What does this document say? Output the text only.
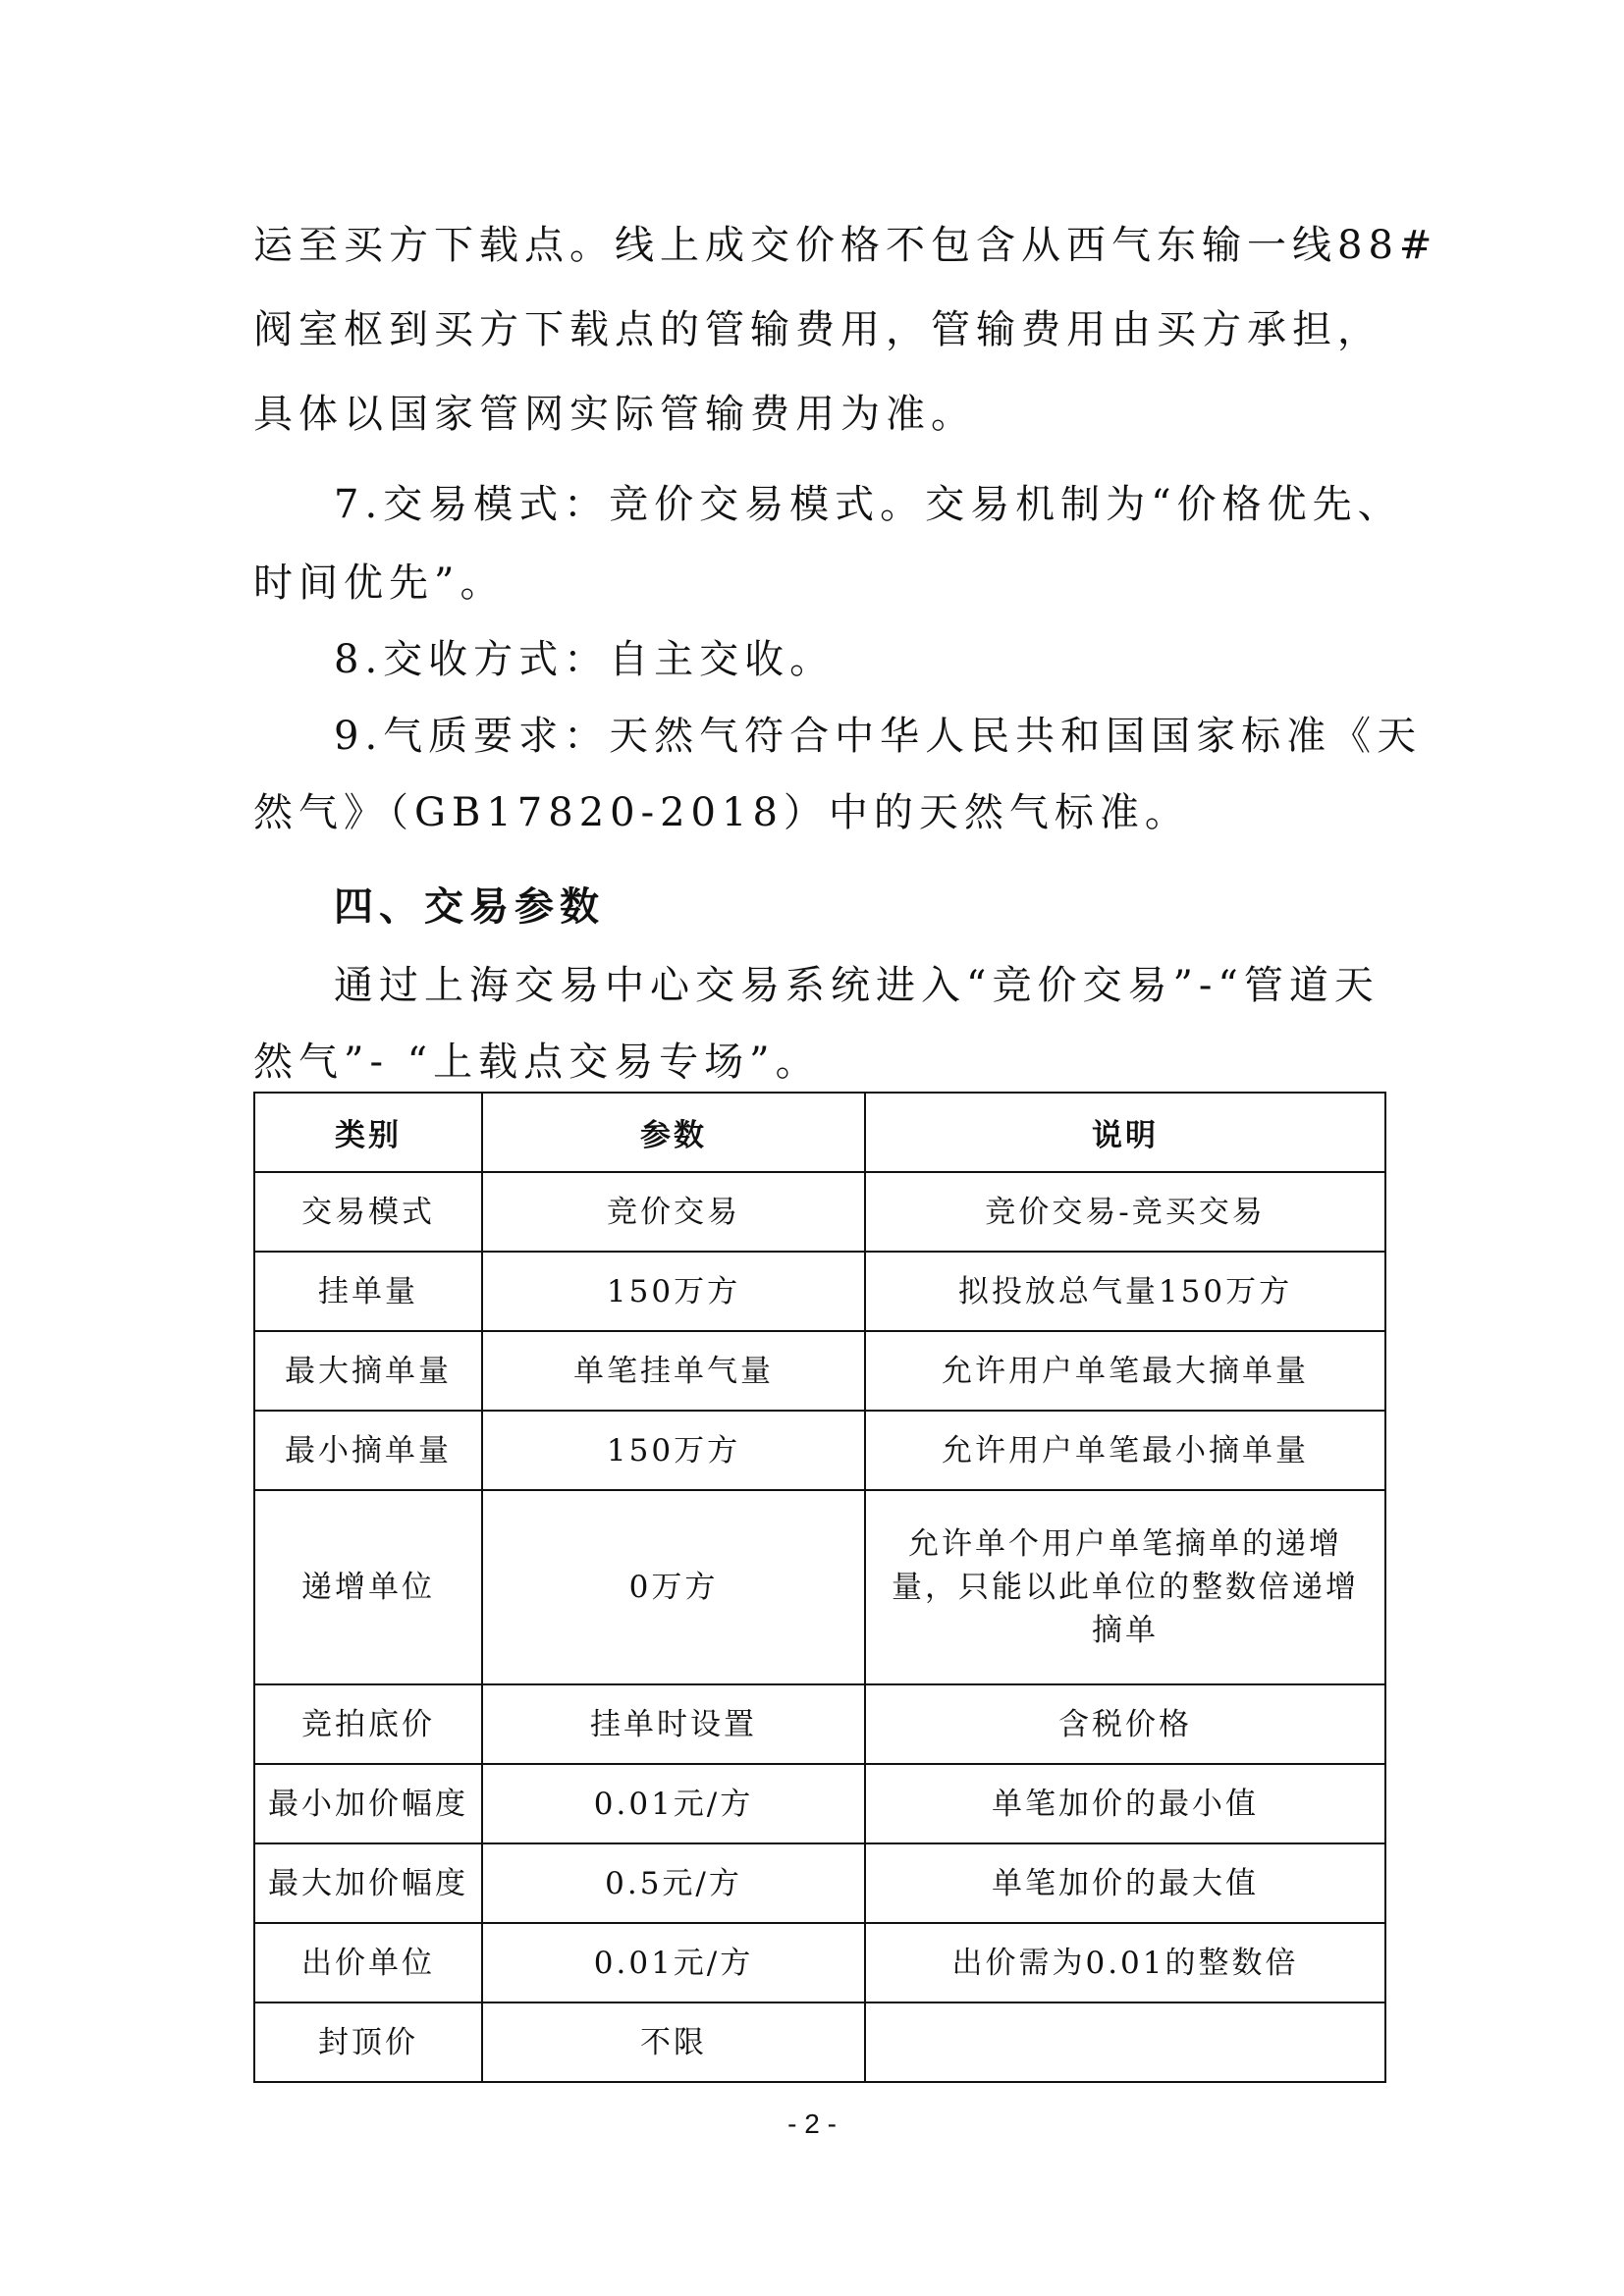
运至买方下载点。线上成交价格不包含从西气东输一线88#
阀室枢到买方下载点的管输费用，管输费用由买方承担，
具体以国家管网实际管输费用为准。
7.交易模式：竞价交易模式。交易机制为“价格优先、
时间优先”。
8.交收方式：自主交收。
9.气质要求：天然气符合中华人民共和国国家标准《天
然气》（GB17820-2018）中的天然气标准。
四、交易参数
通过上海交易中心交易系统进入“竞价交易”-“管道天
然气”- “上载点交易专场”。
类别	参数	说明
交易模式	竞价交易	竞价交易-竞买交易
挂单量	150万方	拟投放总气量150万方
最大摘单量	单笔挂单气量	允许用户单笔最大摘单量
最小摘单量	150万方	允许用户单笔最小摘单量
递增单位	0万方	允许单个用户单笔摘单的递增量，只能以此单位的整数倍递增摘单
竞拍底价	挂单时设置	含税价格
最小加价幅度	0.01元/方	单笔加价的最小值
最大加价幅度	0.5元/方	单笔加价的最大值
出价单位	0.01元/方	出价需为0.01的整数倍
封顶价	不限	
- 2 -
